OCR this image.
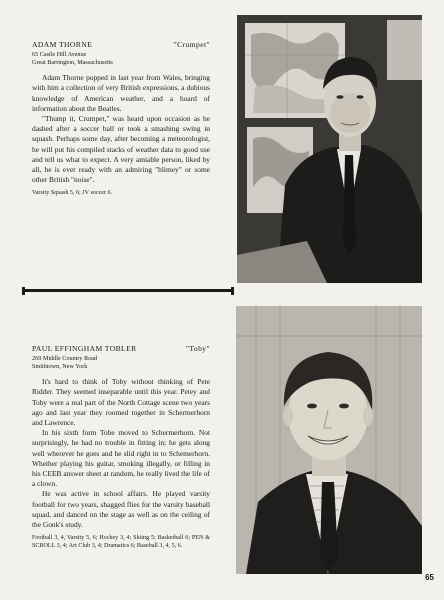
ADAM THORNE	"Crumpet"
65 Castle Hill Avenue
Great Barrington, Massachusetts

Adam Thorne popped in last year from Wales, bringing with him a collection of very British expressions, a dubious knowledge of American weather, and a hoard of information about the Beatles.

"Thump it, Crumpet," was heard upon occasion as he dashed after a soccer ball or took a smashing swing in squash. Perhaps some day, after becoming a meteorologist, he will put his compiled stacks of weather data to good use and tell us what to expect. A very amiable person, liked by all, he is ever ready with an admiring "blimey" or some other British "noise".

Varsity Squash 5, 6; JV soccer 6.
PAUL EFFINGHAM TOBLER	"Toby"
269 Middle Country Road
Smithtown, New York

It's hard to think of Toby without thinking of Pete Ridder. They seemed inseparable until this year. Petey and Toby were a real part of the North Cottage scene two years ago and last year they roomed together in Schermerhorn and Lawrence.

In his sixth form Tobe moved to Schermerhorn. Not surprisingly, he had no trouble in fitting in; he gets along well wherever he goes and he slid right in to Schemerhorn. Whether playing his guitar, smoking illegally, or filling in his CEEB answer sheet at random, he really lived the life of a clown.

He was active in school affairs. He played varsity football for two years, shagged flies for the varsity baseball squad, and danced on the stage as well as on the ceiling of the Gonk's study.

Football 3, 4, Varsity 5, 6; Hockey 3, 4; Skiing 5; Basketball 6; PEN & SCROLL 3, 4; Art Club 3, 4; Dramatics 6; Baseball 3, 4, 5, 6.
65
